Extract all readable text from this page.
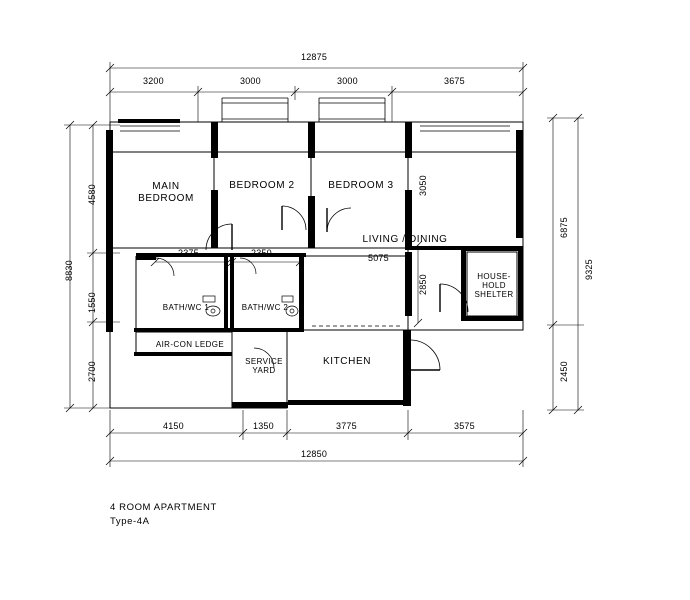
12875
3200	3000	3000	3675
4150	1350	3775	3575
12850
8830
4580
1550
2700
9325
6875
2450
3050
2850
5075
2375	2350
MAIN
BEDROOM
BEDROOM 2	BEDROOM 3
LIVING / DINING
BATH/WC 1	BATH/WC 2
AIR-CON LEDGE
SERVICE
YARD
KITCHEN
HOUSE-
HOLD
SHELTER
4 ROOM APARTMENT
Type-4A
